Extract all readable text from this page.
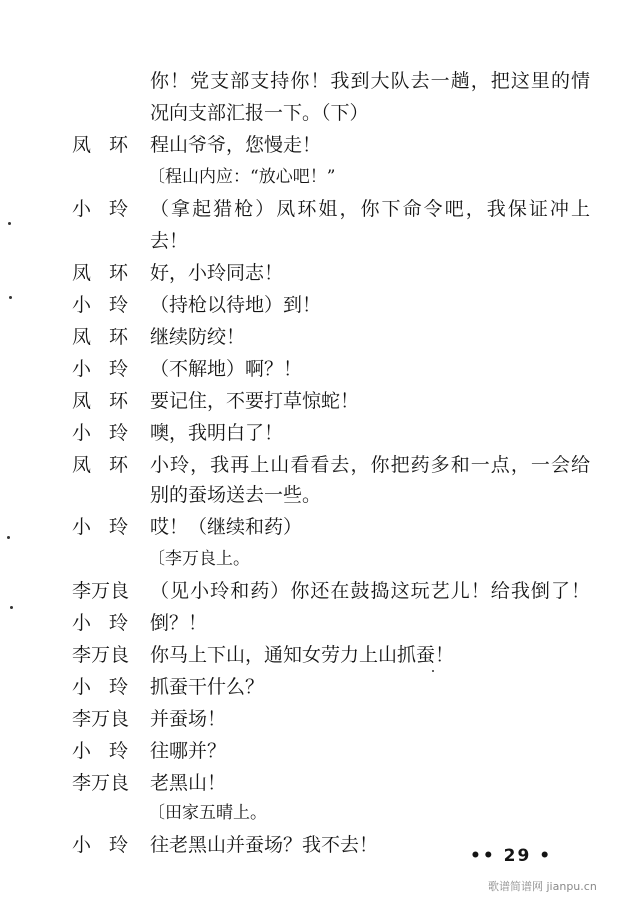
你！党支部支持你！我到大队去一趟，把这里的情
况向支部汇报一下。（下）
凤环 程山爷爷，您慢走！
〔程山内应：“放心吧！”
小玲 （拿起猎枪）凤环姐，你下命令吧，我保证冲上
去！
凤环 好，小玲同志！
小玲 （持枪以待地）到！
凤环 继续防绞！
小玲 （不解地）啊？！
凤环 要记住，不要打草惊蛇！
小玲 噢，我明白了！
凤环 小玲，我再上山看看去，你把药多和一点，一会给
别的蚕场送去一些。
小玲 哎！（继续和药）
〔李万良上。
李万良	（见小玲和药）你还在鼓捣这玩艺儿！给我倒了！
小玲 倒？！
李万良	你马上下山，通知女劳力上山抓蚕！
小玲 抓蚕干什么？
李万良	并蚕场！
小玲 往哪并？
李万良	老黑山！
〔田家五晴上。
小玲 往老黑山并蚕场？我不去！	•• 29 •
歌谱简谱网 jianpu.cn
